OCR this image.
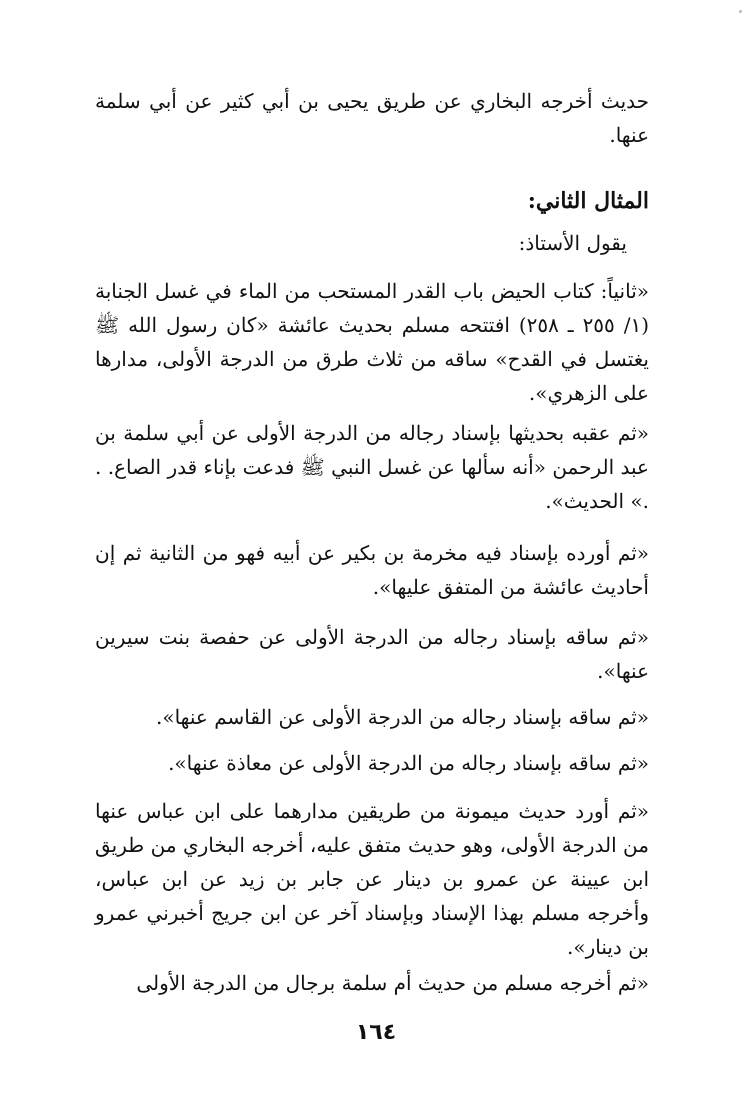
حديث أخرجه البخاري عن طريق يحيى بن أبي كثير عن أبي سلمة عنها.

المثال الثاني:

يقول الأستاذ:

«ثانياً: كتاب الحيض باب القدر المستحب من الماء في غسل الجنابة (١/ ٢٥٥ ـ ٢٥٨) افتتحه مسلم بحديث عائشة «كان رسول الله ﷺ يغتسل في القدح» ساقه من ثلاث طرق من الدرجة الأولى، مدارها على الزهري».

«ثم عقبه بحديثها بإسناد رجاله من الدرجة الأولى عن أبي سلمة بن عبد الرحمن «أنه سألها عن غسل النبي ﷺ فدعت بإناء قدر الصاع. . .» الحديث».

«ثم أورده بإسناد فيه مخرمة بن بكير عن أبيه فهو من الثانية ثم إن أحاديث عائشة من المتفق عليها».

«ثم ساقه بإسناد رجاله من الدرجة الأولى عن حفصة بنت سيرين عنها».

«ثم ساقه بإسناد رجاله من الدرجة الأولى عن القاسم عنها».

«ثم ساقه بإسناد رجاله من الدرجة الأولى عن معاذة عنها».

«ثم أورد حديث ميمونة من طريقين مدارهما على ابن عباس عنها من الدرجة الأولى، وهو حديث متفق عليه، أخرجه البخاري من طريق ابن عيينة عن عمرو بن دينار عن جابر بن زيد عن ابن عباس، وأخرجه مسلم بهذا الإسناد وبإسناد آخر عن ابن جريج أخبرني عمرو بن دينار».

«ثم أخرجه مسلم من حديث أم سلمة برجال من الدرجة الأولى

١٦٤
